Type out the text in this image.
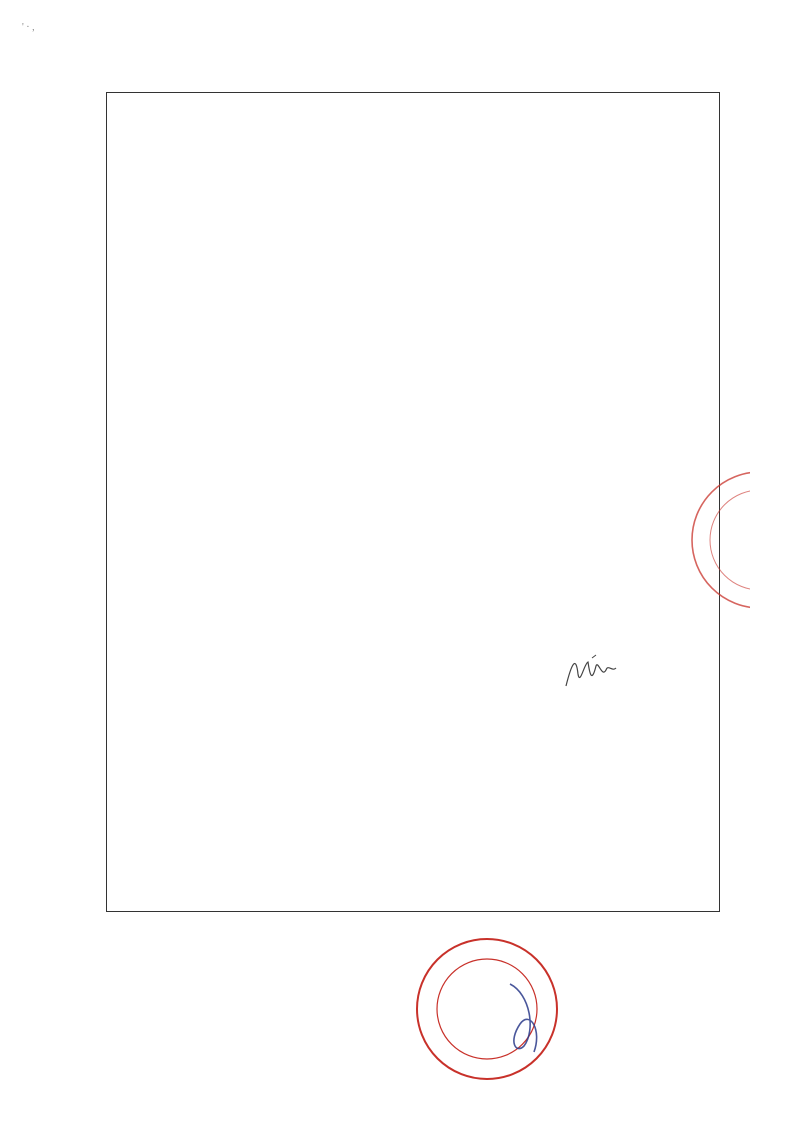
' · ,
